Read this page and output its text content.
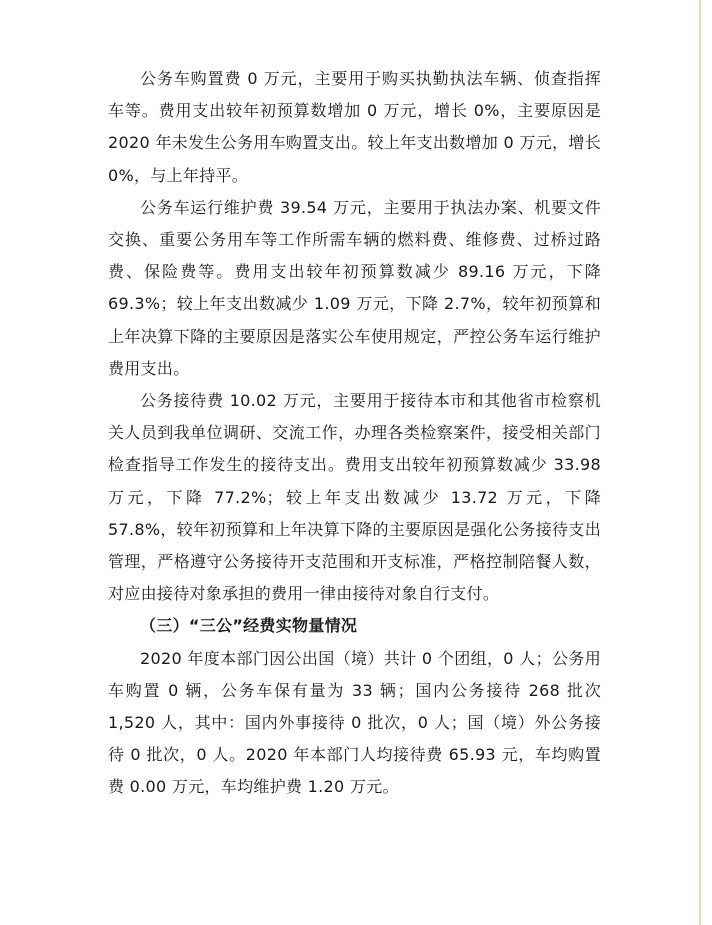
公务车购置费 0 万元，主要用于购买执勤执法车辆、侦查指挥车等。费用支出较年初预算数增加 0 万元，增长 0%，主要原因是 2020 年未发生公务用车购置支出。较上年支出数增加 0 万元，增长 0%，与上年持平。

公务车运行维护费 39.54 万元，主要用于执法办案、机要文件交换、重要公务用车等工作所需车辆的燃料费、维修费、过桥过路费、保险费等。费用支出较年初预算数减少 89.16 万元，下降 69.3%；较上年支出数减少 1.09 万元，下降 2.7%，较年初预算和上年决算下降的主要原因是落实公车使用规定，严控公务车运行维护费用支出。

公务接待费 10.02 万元，主要用于接待本市和其他省市检察机关人员到我单位调研、交流工作，办理各类检察案件，接受相关部门检查指导工作发生的接待支出。费用支出较年初预算数减少 33.98 万元，下降 77.2%；较上年支出数减少 13.72 万元，下降 57.8%，较年初预算和上年决算下降的主要原因是强化公务接待支出管理，严格遵守公务接待开支范围和开支标准，严格控制陪餐人数，对应由接待对象承担的费用一律由接待对象自行支付。

（三）“三公”经费实物量情况

2020 年度本部门因公出国（境）共计 0 个团组，0 人；公务用车购置 0 辆，公务车保有量为 33 辆；国内公务接待 268 批次 1,520 人，其中：国内外事接待 0 批次，0 人；国（境）外公务接待 0 批次，0 人。2020 年本部门人均接待费 65.93 元，车均购置费 0.00 万元，车均维护费 1.20 万元。
